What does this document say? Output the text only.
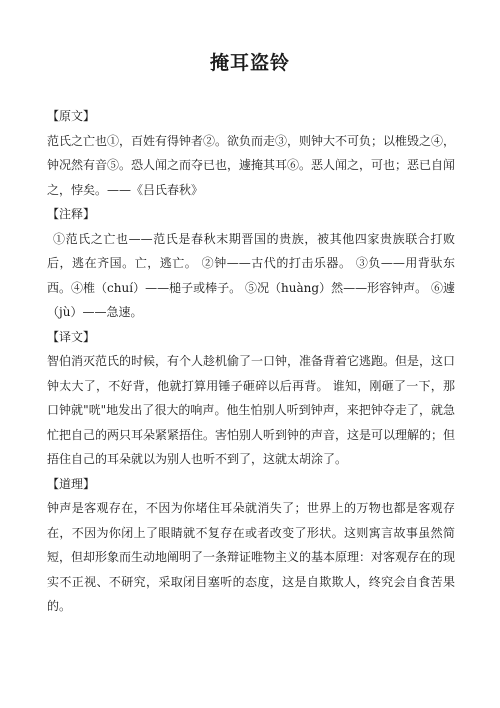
掩耳盗铃
【原文】

范氏之亡也①，百姓有得钟者②。欲负而走③，则钟大不可负；以椎毁之④，钟况然有音⑤。恐人闻之而夺已也，遽掩其耳⑥。恶人闻之，可也；恶已自闻之，悖矣。——《吕氏春秋》

【注释】

①范氏之亡也——范氏是春秋末期晋国的贵族，被其他四家贵族联合打败后，逃在齐国。亡，逃亡。 ②钟——古代的打击乐器。 ③负——用背驮东西。④椎（chuí）——槌子或棒子。 ⑤况（huàng）然——形容钟声。 ⑥遽（jù）——急速。

【译文】

智伯消灭范氏的时候，有个人趁机偷了一口钟，准备背着它逃跑。但是，这口钟太大了，不好背，他就打算用锤子砸碎以后再背。 谁知，刚砸了一下，那口钟就"咣"地发出了很大的响声。他生怕别人听到钟声，来把钟夺走了，就急忙把自己的两只耳朵紧紧捂住。害怕别人听到钟的声音，这是可以理解的；但捂住自己的耳朵就以为别人也听不到了，这就太胡涂了。

【道理】

钟声是客观存在，不因为你堵住耳朵就消失了；世界上的万物也都是客观存在，不因为你闭上了眼睛就不复存在或者改变了形状。这则寓言故事虽然简短，但却形象而生动地阐明了一条辩证唯物主义的基本原理：对客观存在的现实不正视、不研究，采取闭目塞听的态度，这是自欺欺人，终究会自食苦果的。
